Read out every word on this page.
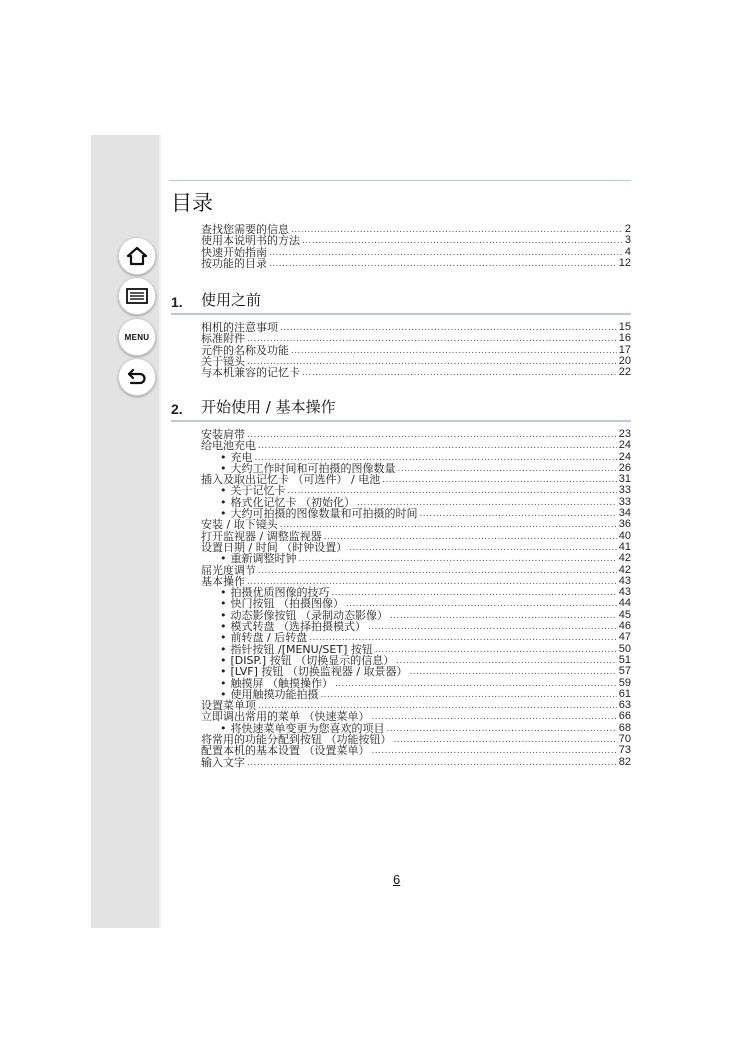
MENU
目录
查找您需要的信息 .....	2
使用本说明书的方法 .....	3
快速开始指南 .....	4
按功能的目录 .....	12
1.	使用之前
相机的注意事项 .....	15
标准附件 .....	16
元件的名称及功能 .....	17
关于镜头 .....	20
与本机兼容的记忆卡 .....	22
2.	开始使用 / 基本操作
安装肩带 .....	23
给电池充电 .....	24
• 充电 .....	24
• 大约工作时间和可拍摄的图像数量 .....	26
插入及取出记忆卡 （可选件） / 电池 .....	31
• 关于记忆卡 .....	33
• 格式化记忆卡 （初始化） .....	33
• 大约可拍摄的图像数量和可拍摄的时间 .....	34
安装 / 取下镜头 .....	36
打开监视器 / 调整监视器 .....	40
设置日期 / 时间 （时钟设置） .....	41
• 重新调整时钟 .....	42
屈光度调节 .....	42
基本操作 .....	43
• 拍摄优质图像的技巧 .....	43
• 快门按钮 （拍摄图像） .....	44
• 动态影像按钮 （录制动态影像） .....	45
• 模式转盘 （选择拍摄模式） .....	46
• 前转盘 / 后转盘 .....	47
• 指针按钮 /[MENU/SET] 按钮 .....	50
• [DISP.] 按钮 （切换显示的信息） .....	51
• [LVF] 按钮 （切换监视器 / 取景器） .....	57
• 触摸屏 （触摸操作） .....	59
• 使用触摸功能拍摄 .....	61
设置菜单项 .....	63
立即调出常用的菜单 （快速菜单） .....	66
• 将快速菜单变更为您喜欢的项目 .....	68
将常用的功能分配到按钮 （功能按钮） .....	70
配置本机的基本设置 （设置菜单） .....	73
输入文字 .....	82
6
